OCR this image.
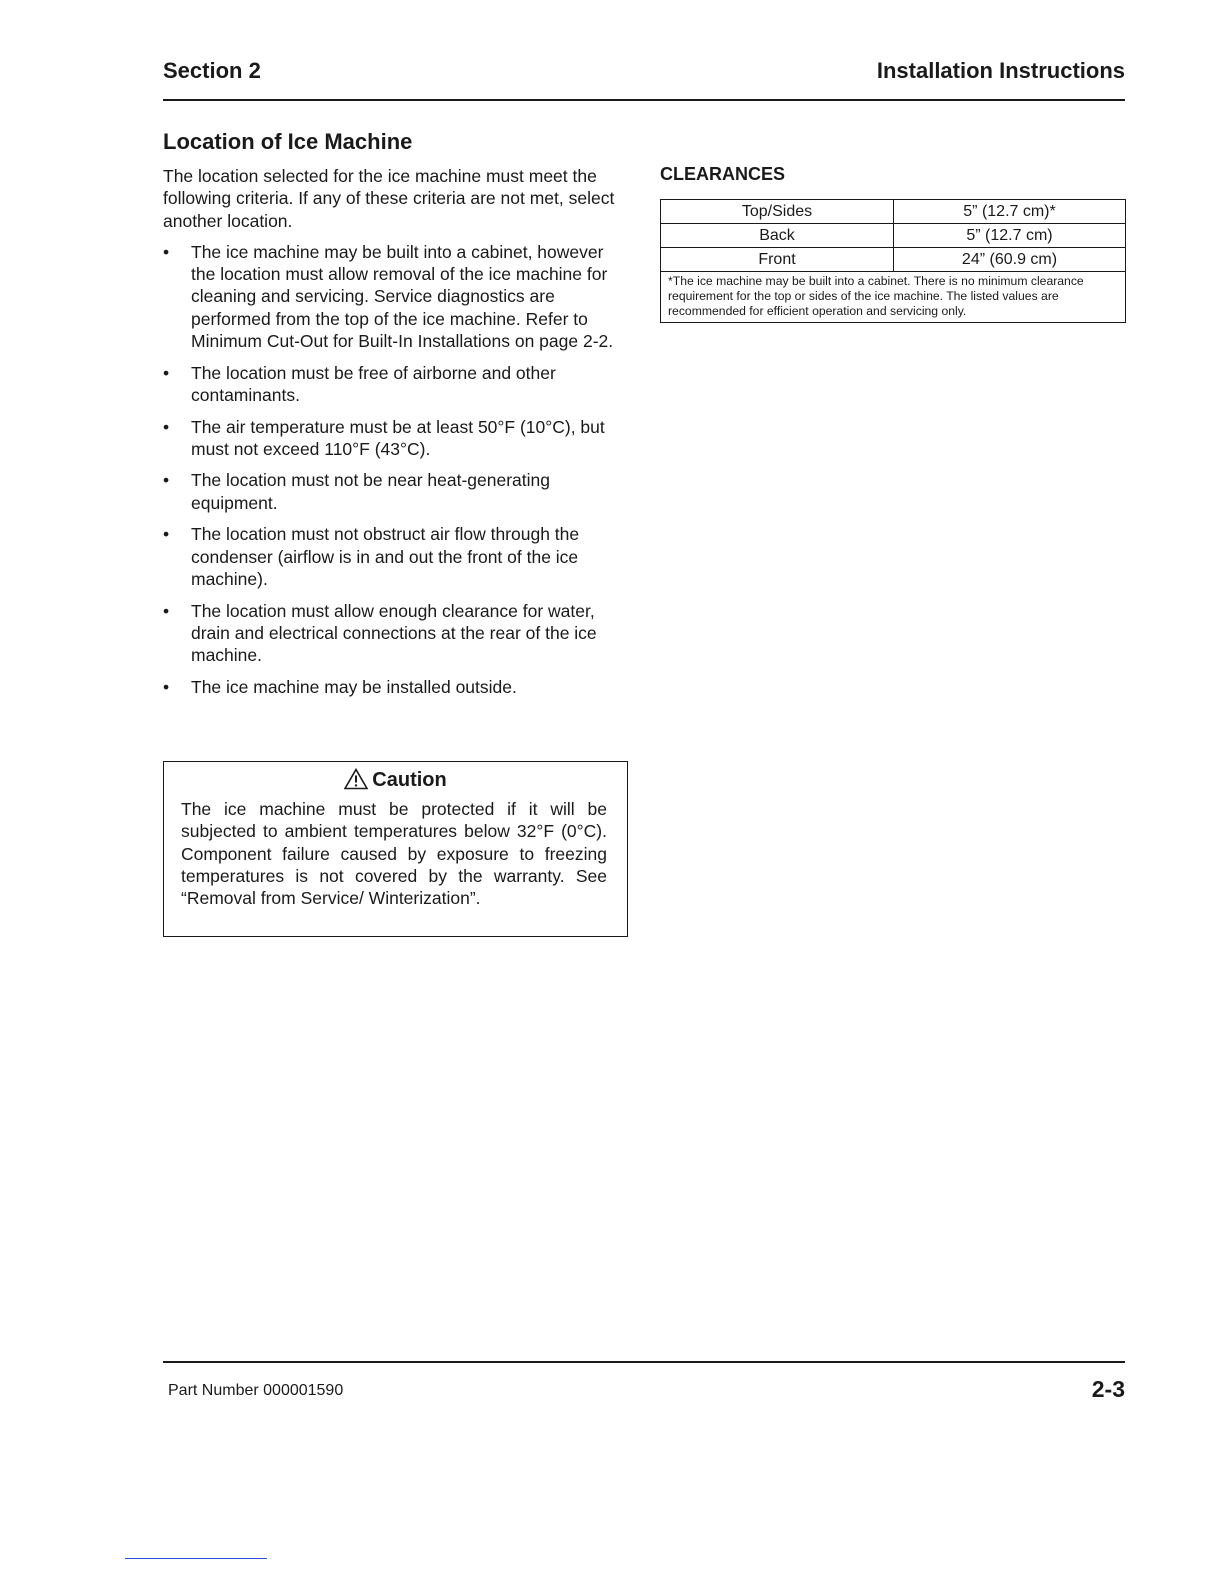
Section 2	Installation Instructions
Location of Ice Machine

The location selected for the ice machine must meet the following criteria. If any of these criteria are not met, select another location.

•	The ice machine may be built into a cabinet, however the location must allow removal of the ice machine for cleaning and servicing. Service diagnostics are performed from the top of the ice machine. Refer to Minimum Cut-Out for Built-In Installations on page 2-2.
•	The location must be free of airborne and other contaminants.
•	The air temperature must be at least 50°F (10°C), but must not exceed 110°F (43°C).
•	The location must not be near heat-generating equipment.
•	The location must not obstruct air flow through the condenser (airflow is in and out the front of the ice machine).
•	The location must allow enough clearance for water, drain and electrical connections at the rear of the ice machine.
•	The ice machine may be installed outside.
Caution
The ice machine must be protected if it will be subjected to ambient temperatures below 32°F (0°C). Component failure caused by exposure to freezing temperatures is not covered by the warranty. See “Removal from Service/ Winterization”.
CLEARANCES
Top/Sides	5” (12.7 cm)*
Back	5” (12.7 cm)
Front	24” (60.9 cm)
*The ice machine may be built into a cabinet. There is no minimum clearance requirement for the top or sides of the ice machine. The listed values are recommended for efficient operation and servicing only.	
Part Number 000001590	2-3
